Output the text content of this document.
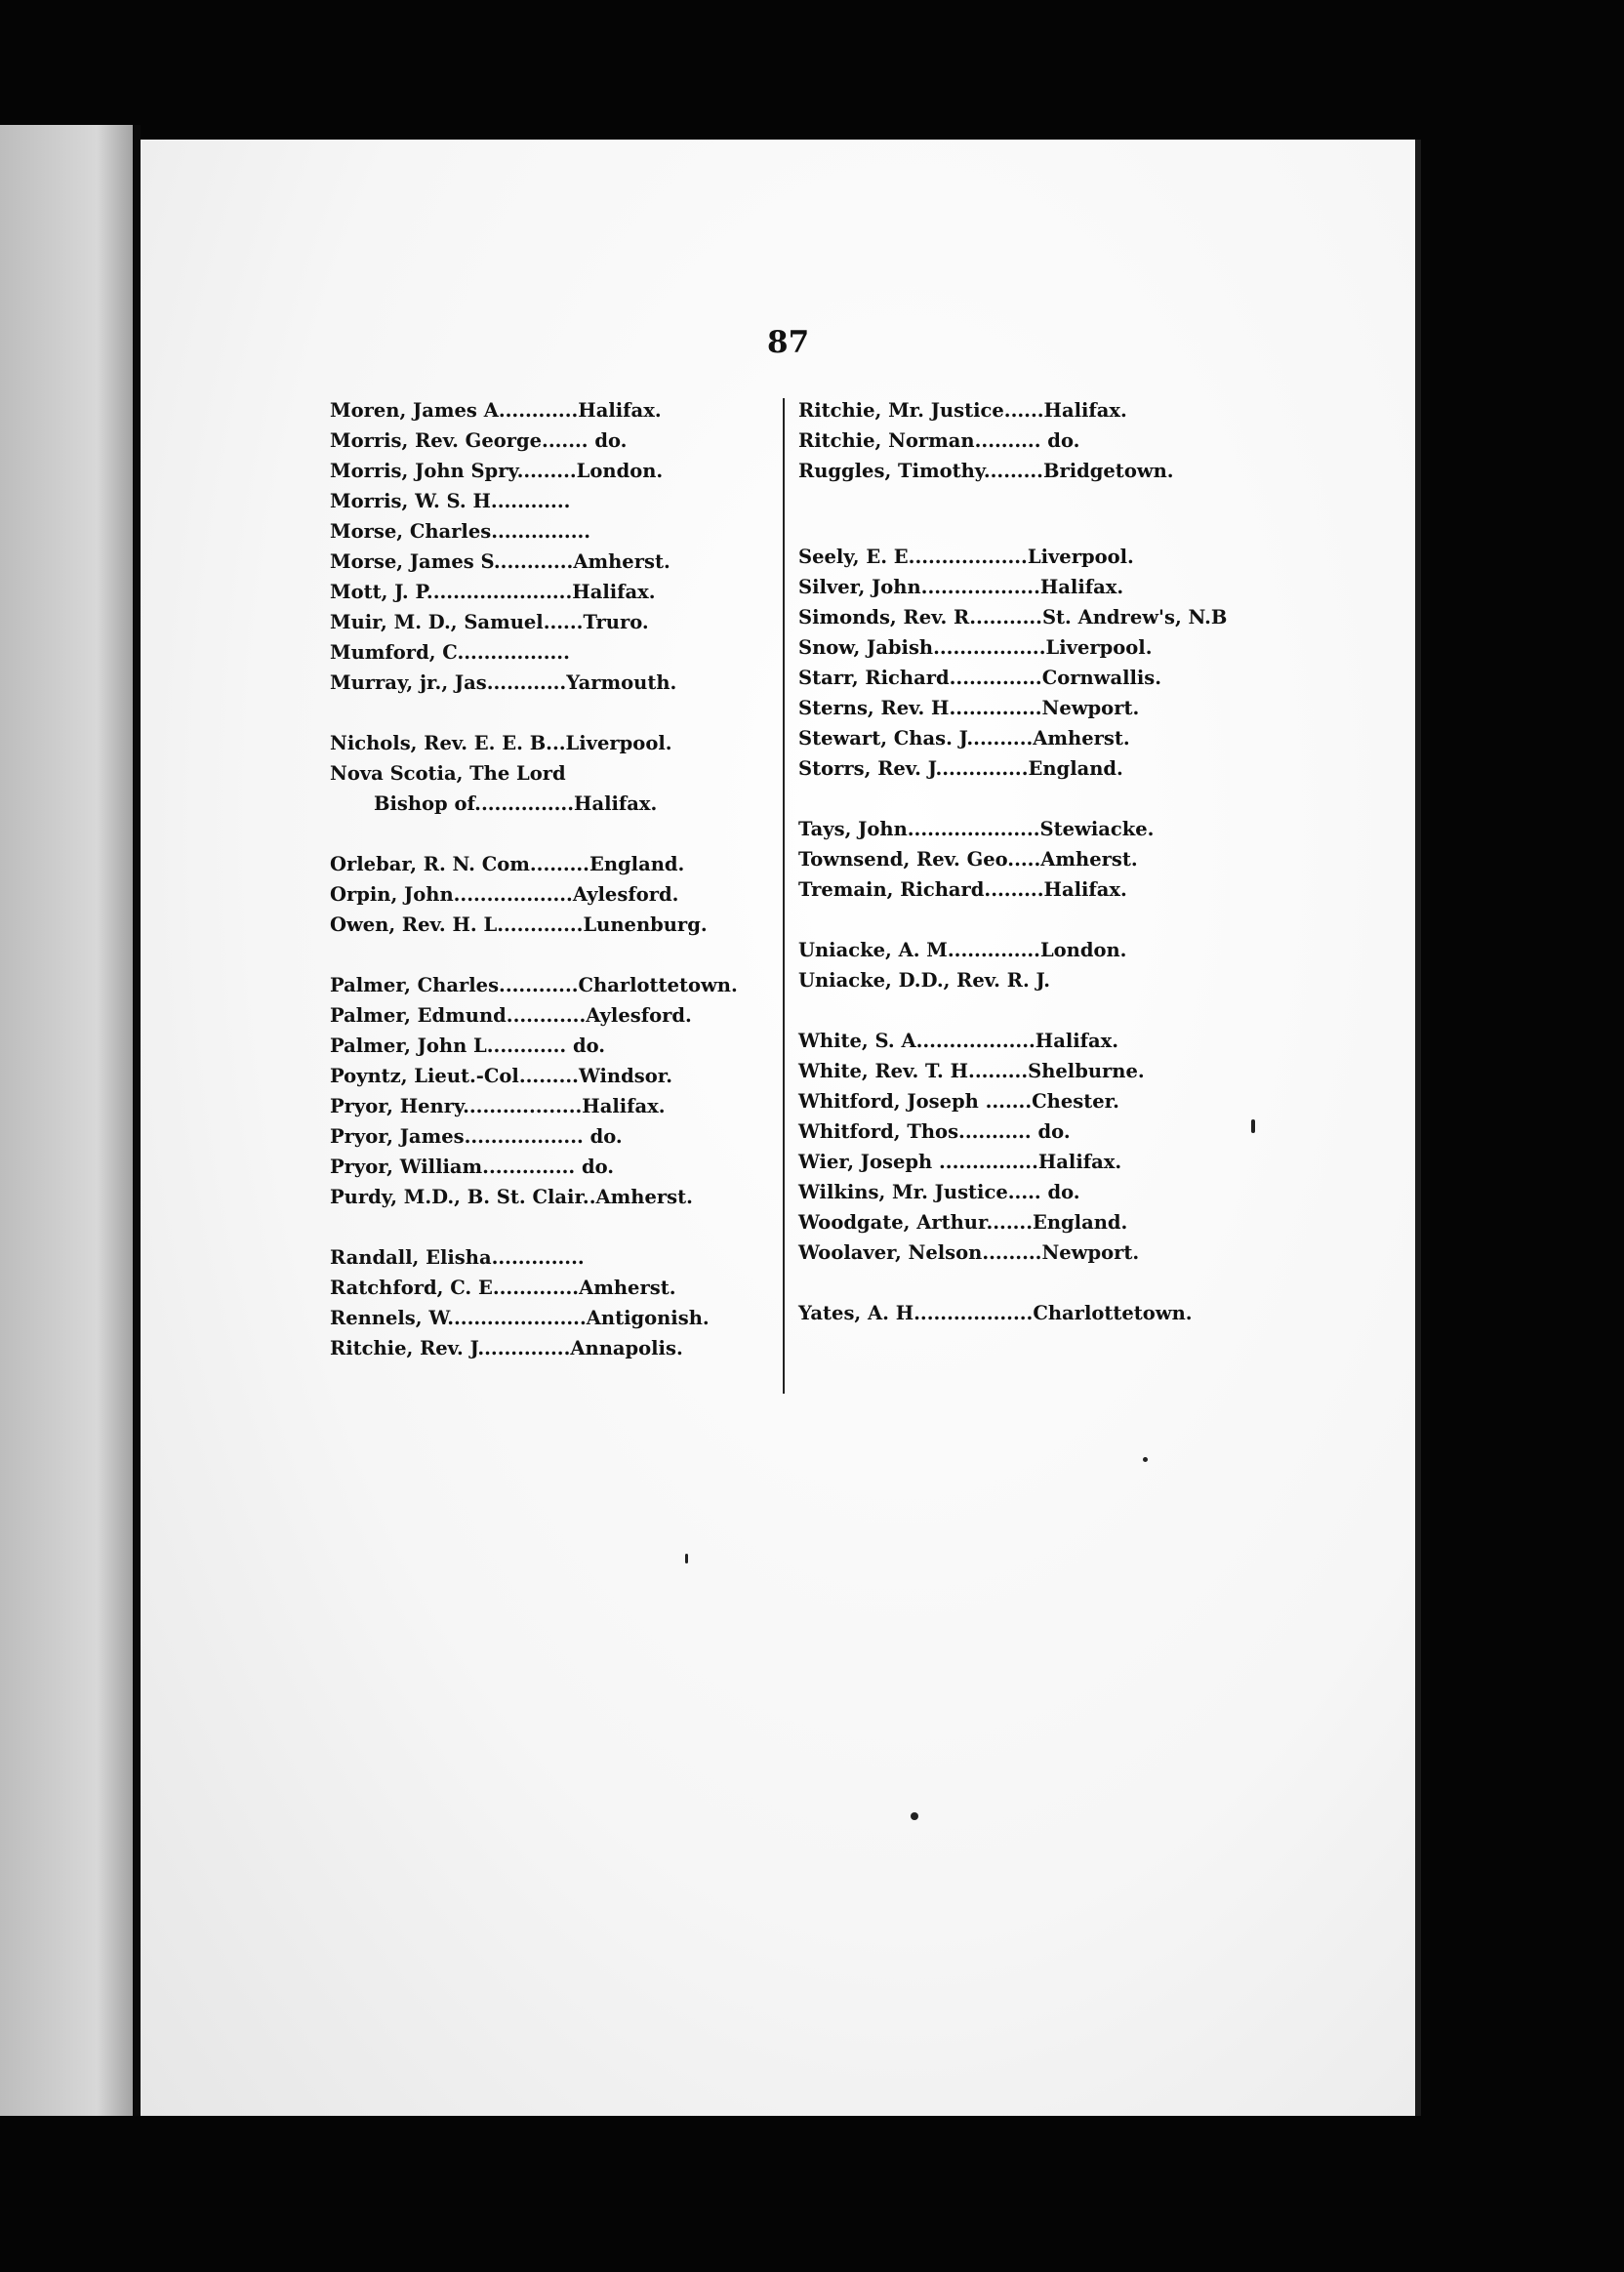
87
Moren, James A............Halifax.
Morris, Rev. George....... do.
Morris, John Spry.........London.
Morris, W. S. H............
Morse, Charles...............
Morse, James S............Amherst.
Mott, J. P......................Halifax.
Muir, M. D., Samuel......Truro.
Mumford, C.................
Murray, jr., Jas............Yarmouth.
Nichols, Rev. E. E. B...Liverpool.
Nova Scotia, The Lord
Bishop of...............Halifax.
Orlebar, R. N. Com.........England.
Orpin, John..................Aylesford.
Owen, Rev. H. L.............Lunenburg.
Palmer, Charles............Charlottetown.
Palmer, Edmund............Aylesford.
Palmer, John L............ do.
Poyntz, Lieut.-Col.........Windsor.
Pryor, Henry..................Halifax.
Pryor, James.................. do.
Pryor, William.............. do.
Purdy, M.D., B. St. Clair..Amherst.
Randall, Elisha..............
Ratchford, C. E.............Amherst.
Rennels, W.....................Antigonish.
Ritchie, Rev. J..............Annapolis.
Ritchie, Mr. Justice......Halifax.
Ritchie, Norman.......... do.
Ruggles, Timothy.........Bridgetown.
Seely, E. E..................Liverpool.
Silver, John..................Halifax.
Simonds, Rev. R...........St. Andrew's, N.B
Snow, Jabish.................Liverpool.
Starr, Richard..............Cornwallis.
Sterns, Rev. H..............Newport.
Stewart, Chas. J..........Amherst.
Storrs, Rev. J..............England.
Tays, John....................Stewiacke.
Townsend, Rev. Geo.....Amherst.
Tremain, Richard.........Halifax.
Uniacke, A. M..............London.
Uniacke, D.D., Rev. R. J.
White, S. A..................Halifax.
White, Rev. T. H.........Shelburne.
Whitford, Joseph .......Chester.
Whitford, Thos........... do.
Wier, Joseph ...............Halifax.
Wilkins, Mr. Justice..... do.
Woodgate, Arthur.......England.
Woolaver, Nelson.........Newport.
Yates, A. H..................Charlottetown.
